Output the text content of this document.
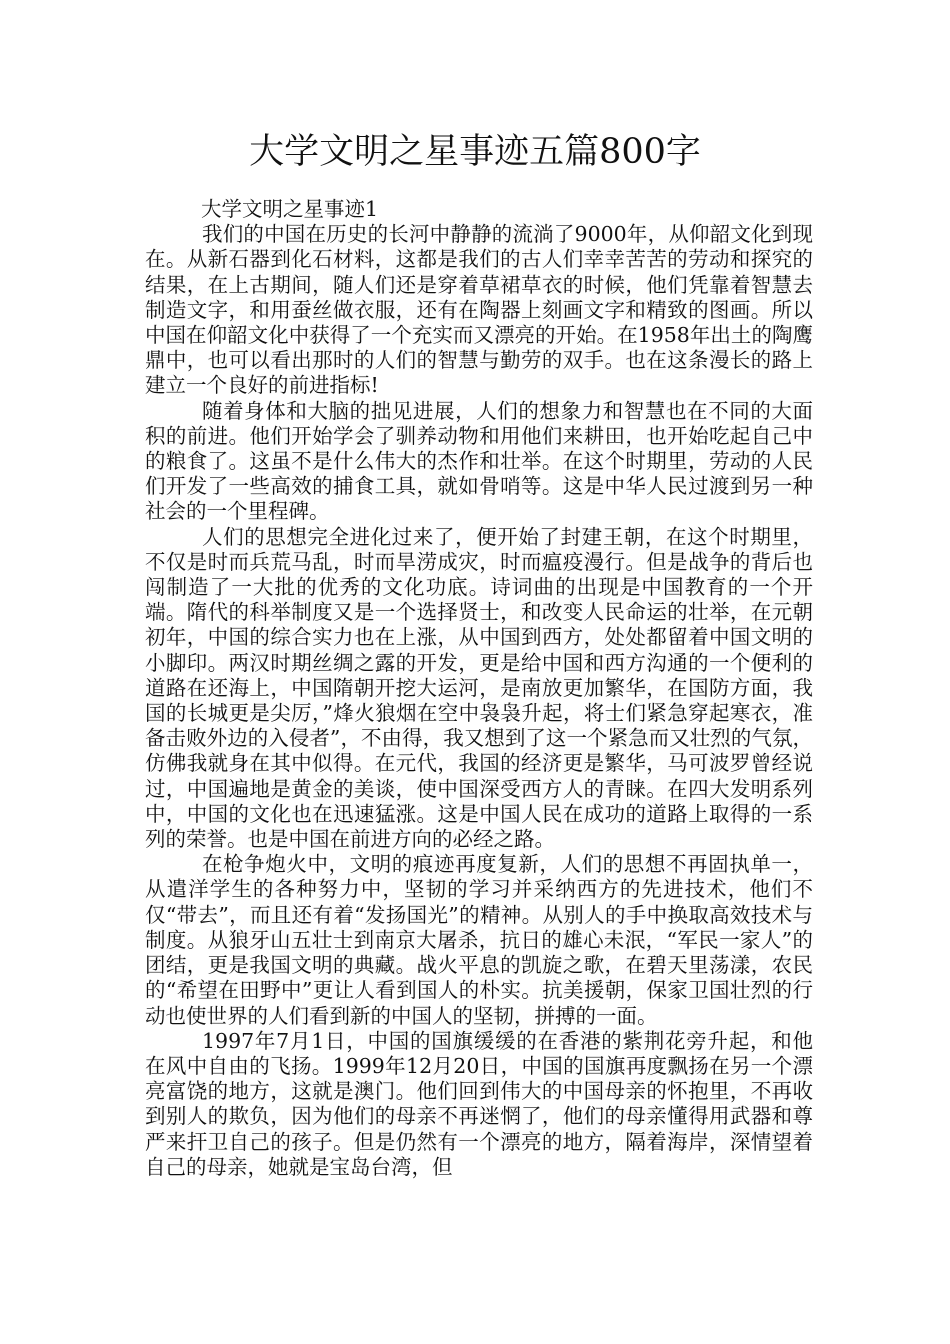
大学文明之星事迹五篇800字

大学文明之星事迹1

我们的中国在历史的长河中静静的流淌了9000年，从仰韶文化到现在。从新石器到化石材料，这都是我们的古人们幸幸苦苦的劳动和探究的结果，在上古期间，随人们还是穿着草裙草衣的时候，他们凭靠着智慧去制造文字，和用蚕丝做衣服，还有在陶器上刻画文字和精致的图画。所以中国在仰韶文化中获得了一个充实而又漂亮的开始。在1958年出土的陶鹰鼎中，也可以看出那时的人们的智慧与勤劳的双手。也在这条漫长的路上建立一个良好的前进指标!

随着身体和大脑的拙见进展，人们的想象力和智慧也在不同的大面积的前进。他们开始学会了驯养动物和用他们来耕田，也开始吃起自己中的粮食了。这虽不是什么伟大的杰作和壮举。在这个时期里，劳动的人民们开发了一些高效的捕食工具，就如骨哨等。这是中华人民过渡到另一种社会的一个里程碑。

人们的思想完全进化过来了，便开始了封建王朝，在这个时期里，不仅是时而兵荒马乱，时而旱涝成灾，时而瘟疫漫行。但是战争的背后也闯制造了一大批的优秀的文化功底。诗词曲的出现是中国教育的一个开端。隋代的科举制度又是一个选择贤士，和改变人民命运的壮举，在元朝初年，中国的综合实力也在上涨，从中国到西方，处处都留着中国文明的小脚印。两汉时期丝绸之露的开发，更是给中国和西方沟通的一个便利的道路在还海上，中国隋朝开挖大运河，是南放更加繁华，在国防方面，我国的长城更是尖厉，”烽火狼烟在空中袅袅升起，将士们紧急穿起寒衣，准备击败外边的入侵者”，不由得，我又想到了这一个紧急而又壮烈的气氛，仿佛我就身在其中似得。在元代，我国的经济更是繁华，马可波罗曾经说过，中国遍地是黄金的美谈，使中国深受西方人的青睐。在四大发明系列中，中国的文化也在迅速猛涨。这是中国人民在成功的道路上取得的一系列的荣誉。也是中国在前进方向的必经之路。

在枪争炮火中，文明的痕迹再度复新，人们的思想不再固执单一，从遣洋学生的各种努力中，坚韧的学习并采纳西方的先进技术，他们不仅“带去”，而且还有着“发扬国光”的精神。从别人的手中换取高效技术与制度。从狼牙山五壮士到南京大屠杀，抗日的雄心未泯，“军民一家人”的团结，更是我国文明的典藏。战火平息的凯旋之歌，在碧天里荡漾，农民的“希望在田野中”更让人看到国人的朴实。抗美援朝，保家卫国壮烈的行动也使世界的人们看到新的中国人的坚韧，拼搏的一面。

1997年7月1日，中国的国旗缓缓的在香港的紫荆花旁升起，和他在风中自由的飞扬。1999年12月20日，中国的国旗再度飘扬在另一个漂亮富饶的地方，这就是澳门。他们回到伟大的中国母亲的怀抱里，不再收到别人的欺负，因为他们的母亲不再迷惘了，他们的母亲懂得用武器和尊严来扞卫自己的孩子。但是仍然有一个漂亮的地方，隔着海岸，深情望着自己的母亲，她就是宝岛台湾，但
